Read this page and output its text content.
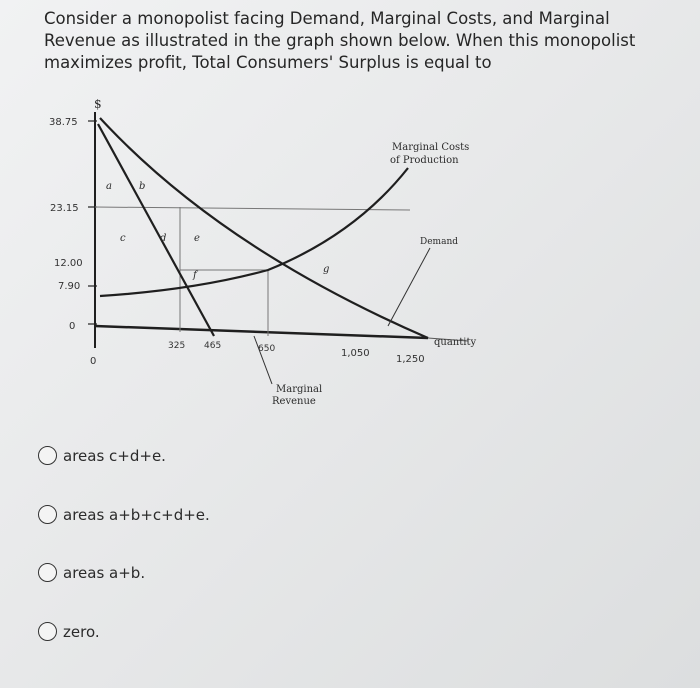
Consider a monopolist facing Demand, Marginal Costs, and Marginal Revenue as illustrated in the graph shown below. When this monopolist maximizes profit, Total Consumers' Surplus is equal to

$
38.75
23.15
12.00
7.90
0
0
325 465	650	1,050
1,250
quantity
Marginal Costs
of Production
Demand
Marginal
Revenue
a	b
c	d	e
f
g
areas c+d+e.
areas a+b+c+d+e.
areas a+b.
zero.
